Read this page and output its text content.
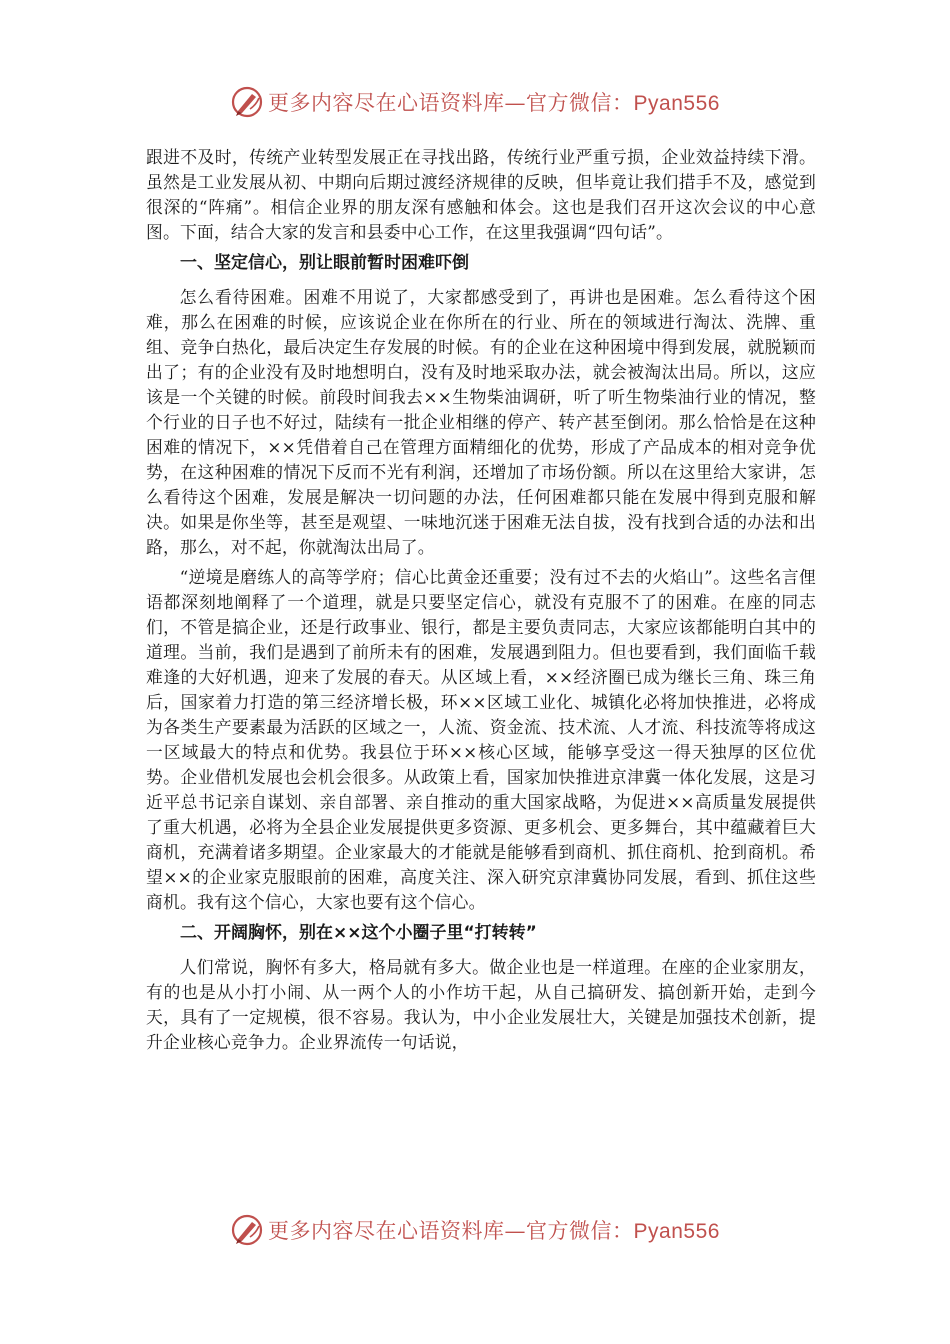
更多内容尽在心语资料库—官方微信：Pyan556

跟进不及时，传统产业转型发展正在寻找出路，传统行业严重亏损，企业效益持续下滑。虽然是工业发展从初、中期向后期过渡经济规律的反映，但毕竟让我们措手不及，感觉到很深的“阵痛”。相信企业界的朋友深有感触和体会。这也是我们召开这次会议的中心意图。下面，结合大家的发言和县委中心工作，在这里我强调“四句话”。

一、坚定信心，别让眼前暂时困难吓倒

怎么看待困难。困难不用说了，大家都感受到了，再讲也是困难。怎么看待这个困难，那么在困难的时候，应该说企业在你所在的行业、所在的领域进行淘汰、洗牌、重组、竞争白热化，最后决定生存发展的时候。有的企业在这种困境中得到发展，就脱颖而出了；有的企业没有及时地想明白，没有及时地采取办法，就会被淘汰出局。所以，这应该是一个关键的时候。前段时间我去××生物柴油调研，听了听生物柴油行业的情况，整个行业的日子也不好过，陆续有一批企业相继的停产、转产甚至倒闭。那么恰恰是在这种困难的情况下，××凭借着自己在管理方面精细化的优势，形成了产品成本的相对竞争优势，在这种困难的情况下反而不光有利润，还增加了市场份额。所以在这里给大家讲，怎么看待这个困难，发展是解决一切问题的办法，任何困难都只能在发展中得到克服和解决。如果是你坐等，甚至是观望、一味地沉迷于困难无法自拔，没有找到合适的办法和出路，那么，对不起，你就淘汰出局了。

“逆境是磨练人的高等学府；信心比黄金还重要；没有过不去的火焰山”。这些名言俚语都深刻地阐释了一个道理，就是只要坚定信心，就没有克服不了的困难。在座的同志们，不管是搞企业，还是行政事业、银行，都是主要负责同志，大家应该都能明白其中的道理。当前，我们是遇到了前所未有的困难，发展遇到阻力。但也要看到，我们面临千载难逢的大好机遇，迎来了发展的春天。从区域上看，××经济圈已成为继长三角、珠三角后，国家着力打造的第三经济增长极，环××区域工业化、城镇化必将加快推进，必将成为各类生产要素最为活跃的区域之一，人流、资金流、技术流、人才流、科技流等将成这一区域最大的特点和优势。我县位于环××核心区域，能够享受这一得天独厚的区位优势。企业借机发展也会机会很多。从政策上看，国家加快推进京津冀一体化发展，这是习近平总书记亲自谋划、亲自部署、亲自推动的重大国家战略，为促进××高质量发展提供了重大机遇，必将为全县企业发展提供更多资源、更多机会、更多舞台，其中蕴藏着巨大商机，充满着诸多期望。企业家最大的才能就是能够看到商机、抓住商机、抢到商机。希望××的企业家克服眼前的困难，高度关注、深入研究京津冀协同发展，看到、抓住这些商机。我有这个信心，大家也要有这个信心。

二、开阔胸怀，别在××这个小圈子里“打转转”

人们常说，胸怀有多大，格局就有多大。做企业也是一样道理。在座的企业家朋友，有的也是从小打小闹、从一两个人的小作坊干起，从自己搞研发、搞创新开始，走到今天，具有了一定规模，很不容易。我认为，中小企业发展壮大，关键是加强技术创新，提升企业核心竞争力。企业界流传一句话说，

更多内容尽在心语资料库—官方微信：Pyan556
